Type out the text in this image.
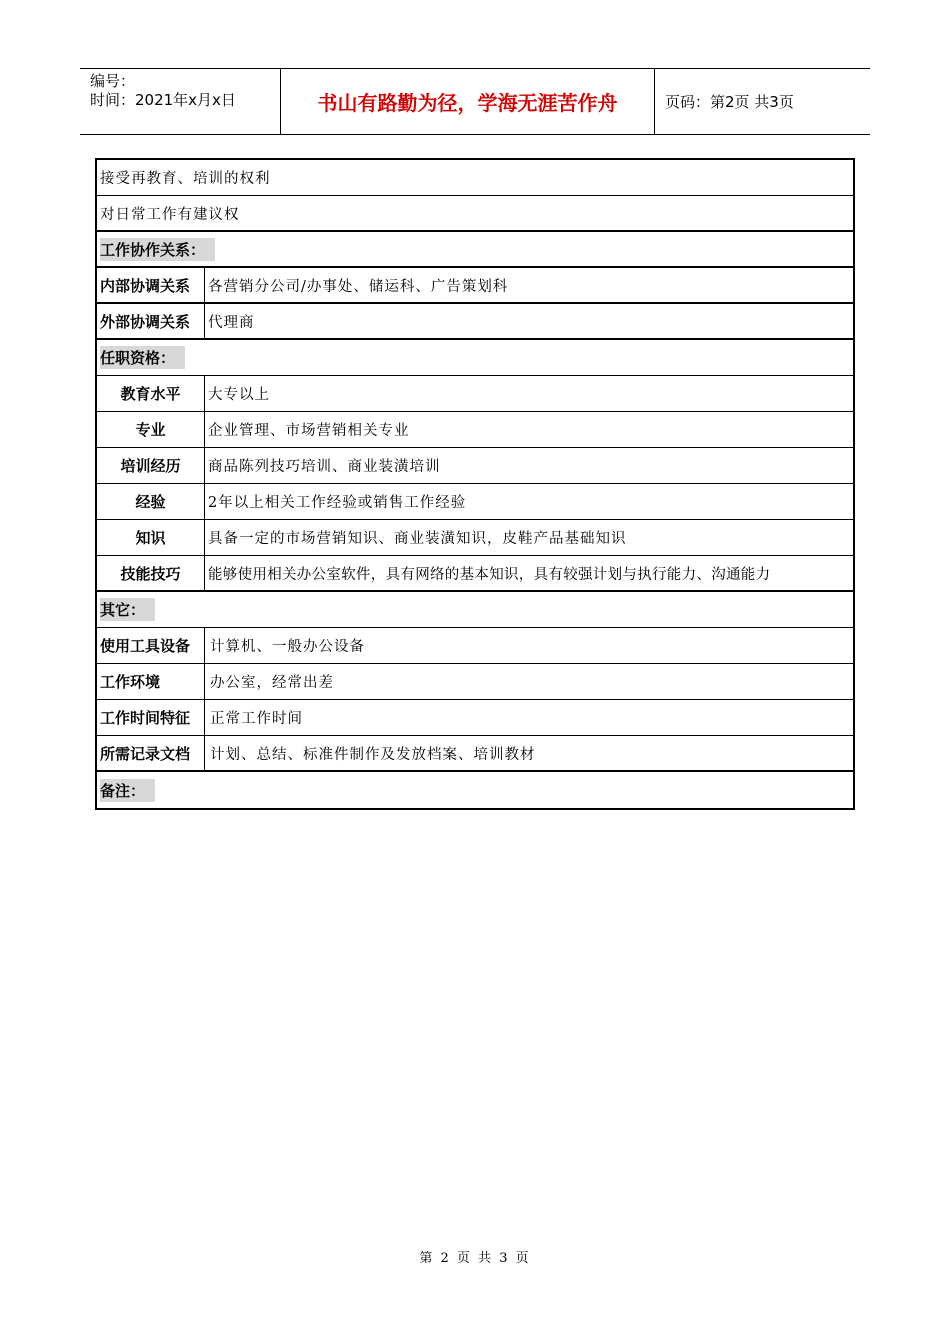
编号：
时间：2021年x月x日	书山有路勤为径，学海无涯苦作舟	页码：第2页 共3页
接受再教育、培训的权利
对日常工作有建议权
工作协作关系：
内部协调关系	各营销分公司/办事处、储运科、广告策划科
外部协调关系	代理商
任职资格：
教育水平	大专以上
专业	企业管理、市场营销相关专业
培训经历	商品陈列技巧培训、商业装潢培训
经验	2年以上相关工作经验或销售工作经验
知识	具备一定的市场营销知识、商业装潢知识，皮鞋产品基础知识
技能技巧	能够使用相关办公室软件，具有网络的基本知识，具有较强计划与执行能力、沟通能力
其它：
使用工具设备	计算机、一般办公设备
工作环境	办公室，经常出差
工作时间特征	正常工作时间
所需记录文档	计划、总结、标准件制作及发放档案、培训教材
备注：
第 2 页 共 3 页
